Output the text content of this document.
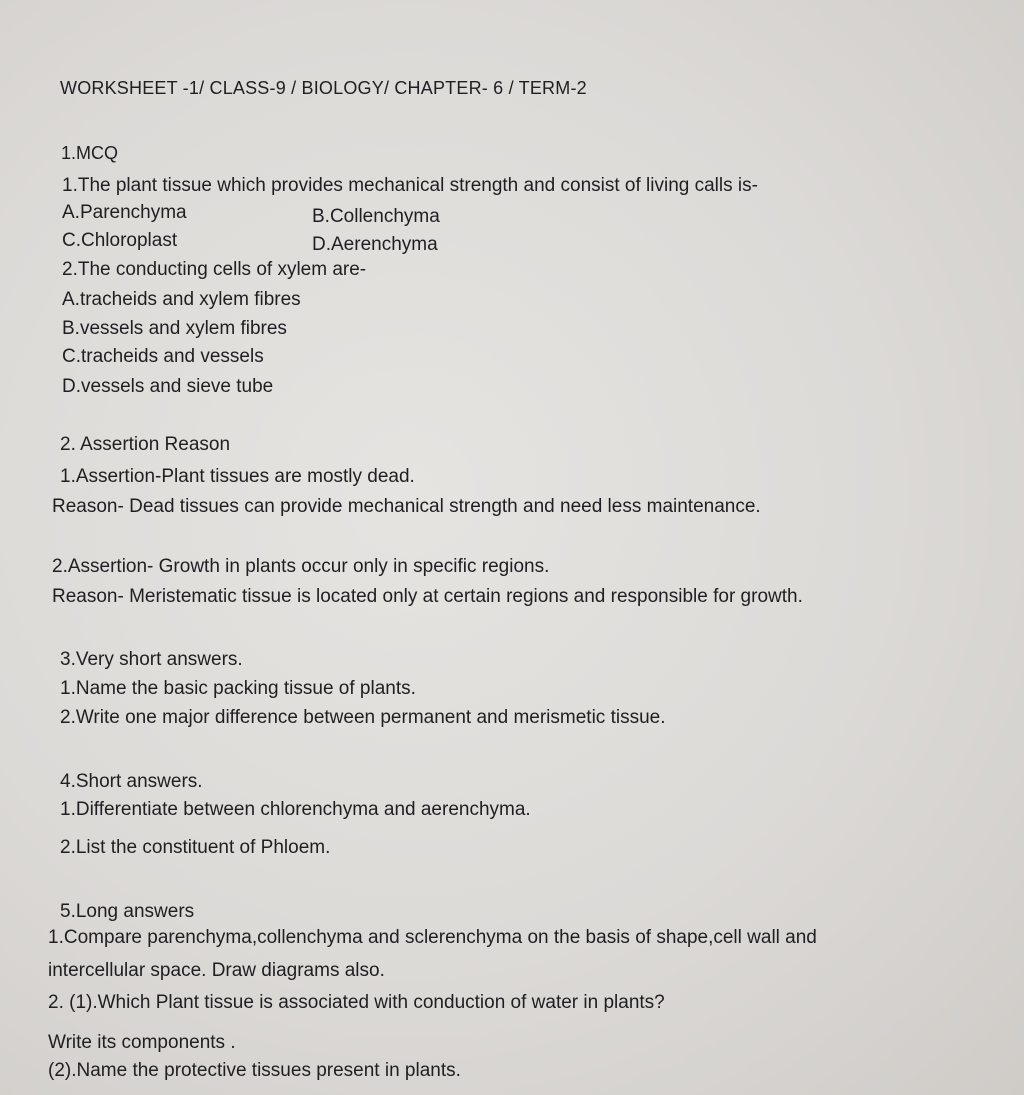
WORKSHEET -1/ CLASS-9 / BIOLOGY/ CHAPTER- 6 / TERM-2
1.MCQ
1.The plant tissue which provides mechanical strength and consist of living calls is-
A.Parenchyma	B.Collenchyma
C.Chloroplast	D.Aerenchyma
2.The conducting cells of xylem are-
A.tracheids and xylem fibres
B.vessels and xylem fibres
C.tracheids and vessels
D.vessels and sieve tube
2. Assertion Reason
1.Assertion-Plant tissues are mostly dead.
Reason- Dead tissues can provide mechanical strength and need less maintenance.
2.Assertion- Growth in plants occur only in specific regions.
Reason- Meristematic tissue is located only at certain regions and responsible for growth.
3.Very short answers.
1.Name the basic packing tissue of plants.
2.Write one major difference between permanent and merismetic tissue.
4.Short answers.
1.Differentiate between chlorenchyma and aerenchyma.
2.List the constituent of Phloem.
5.Long answers
1.Compare parenchyma,collenchyma and sclerenchyma on the basis of shape,cell wall and
intercellular space. Draw diagrams also.
2. (1).Which Plant tissue is associated with conduction of water in plants?
Write its components .
(2).Name the protective tissues present in plants.
